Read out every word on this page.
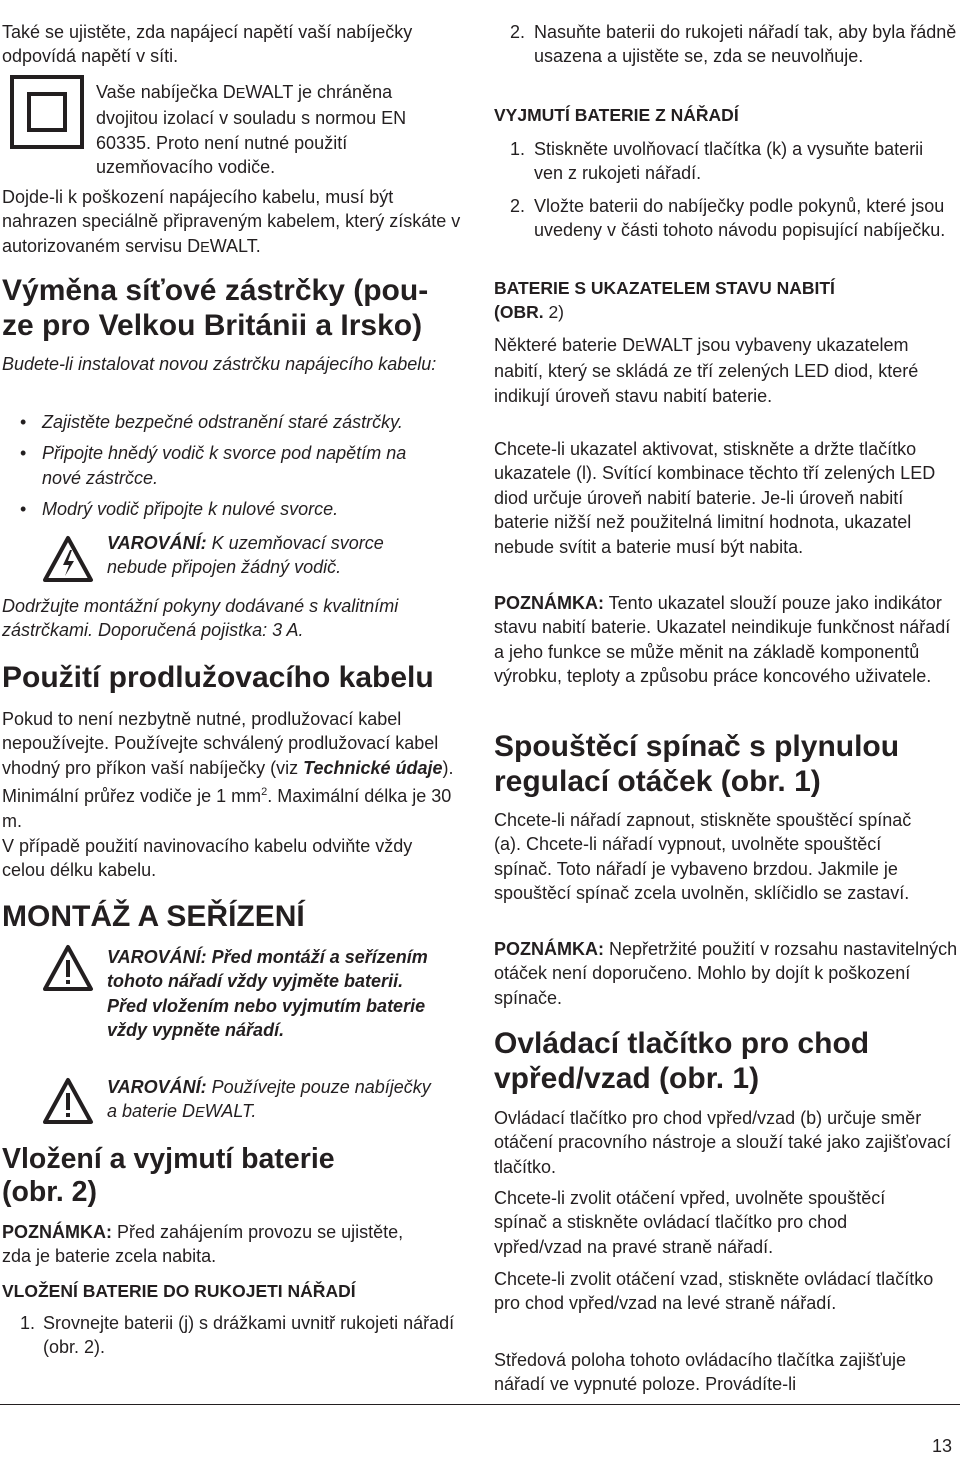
Také se ujistěte, zda napájecí napětí vaší nabíječky odpovídá napětí v síti.

Vaše nabíječka DEWALT je chráněna dvojitou izolací v souladu s normou EN 60335. Proto není nutné použití uzemňovacího vodiče.

Dojde-li k poškození napájecího kabelu, musí být nahrazen speciálně připraveným kabelem, který získáte v autorizovaném servisu DEWALT.

Výměna síťové zástrčky (pou-
ze pro Velkou Británii a Irsko)

Budete-li instalovat novou zástrčku napájecího kabelu:

• Zajistěte bezpečné odstranění staré zástrčky.

• Připojte hnědý vodič k svorce pod napětím na nové zástrčce.

• Modrý vodič připojte k nulové svorce.

VAROVÁNÍ: K uzemňovací svorce nebude připojen žádný vodič.

Dodržujte montážní pokyny dodávané s kvalitními zástrčkami. Doporučená pojistka: 3 A.

Použití prodlužovacího kabelu

Pokud to není nezbytně nutné, prodlužovací kabel nepoužívejte. Používejte schválený prodlužovací kabel vhodný pro příkon vaší nabíječky (viz Technické údaje). Minimální průřez vodiče je 1 $mm^2$. Maximální délka je 30 m.

V případě použití navinovacího kabelu odviňte vždy celou délku kabelu.

MONTÁŽ A SEŘÍZENÍ

VAROVÁNÍ: Před montáží a seřízením tohoto nářadí vždy vyjměte baterii. Před vložením nebo vyjmutím baterie vždy vypněte nářadí.

VAROVÁNÍ: Používejte pouze nabíječky a baterie DEWALT.

Vložení a vyjmutí baterie
(obr. 2)

POZNÁMKA: Před zahájením provozu se ujistěte, zda je baterie zcela nabita.

VLOŽENÍ BATERIE DO RUKOJETI NÁŘADÍ

1. Srovnejte baterii (j) s drážkami uvnitř rukojeti nářadí (obr. 2).

2. Nasuňte baterii do rukojeti nářadí tak, aby byla řádně usazena a ujistěte se, zda se neuvolňuje.

VYJMUTÍ BATERIE Z NÁŘADÍ

1. Stiskněte uvolňovací tlačítka (k) a vysuňte baterii ven z rukojeti nářadí.

2. Vložte baterii do nabíječky podle pokynů, které jsou uvedeny v části tohoto návodu popisující nabíječku.

BATERIE S UKAZATELEM STAVU NABITÍ
(OBR. 2)

Některé baterie DEWALT jsou vybaveny ukazatelem nabití, který se skládá ze tří zelených LED diod, které indikují úroveň stavu nabití baterie.

Chcete-li ukazatel aktivovat, stiskněte a držte tlačítko ukazatele (l). Svítící kombinace těchto tří zelených LED diod určuje úroveň nabití baterie. Je-li úroveň nabití baterie nižší než použitelná limitní hodnota, ukazatel nebude svítit a baterie musí být nabita.

POZNÁMKA: Tento ukazatel slouží pouze jako indikátor stavu nabití baterie. Ukazatel neindikuje funkčnost nářadí a jeho funkce se může měnit na základě komponentů výrobku, teploty a způsobu práce koncového uživatele.

Spouštěcí spínač s plynulou
regulací otáček (obr. 1)

Chcete-li nářadí zapnout, stiskněte spouštěcí spínač (a). Chcete-li nářadí vypnout, uvolněte spouštěcí spínač. Toto nářadí je vybaveno brzdou. Jakmile je spouštěcí spínač zcela uvolněn, sklíčidlo se zastaví.

POZNÁMKA: Nepřetržité použití v rozsahu nastavitelných otáček není doporučeno. Mohlo by dojít k poškození spínače.

Ovládací tlačítko pro chod
vpřed/vzad (obr. 1)

Ovládací tlačítko pro chod vpřed/vzad (b) určuje směr otáčení pracovního nástroje a slouží také jako zajišťovací tlačítko.

Chcete-li zvolit otáčení vpřed, uvolněte spouštěcí spínač a stiskněte ovládací tlačítko pro chod vpřed/vzad na pravé straně nářadí.

Chcete-li zvolit otáčení vzad, stiskněte ovládací tlačítko pro chod vpřed/vzad na levé straně nářadí.

Středová poloha tohoto ovládacího tlačítka zajišťuje nářadí ve vypnuté poloze. Provádíte-li

13
